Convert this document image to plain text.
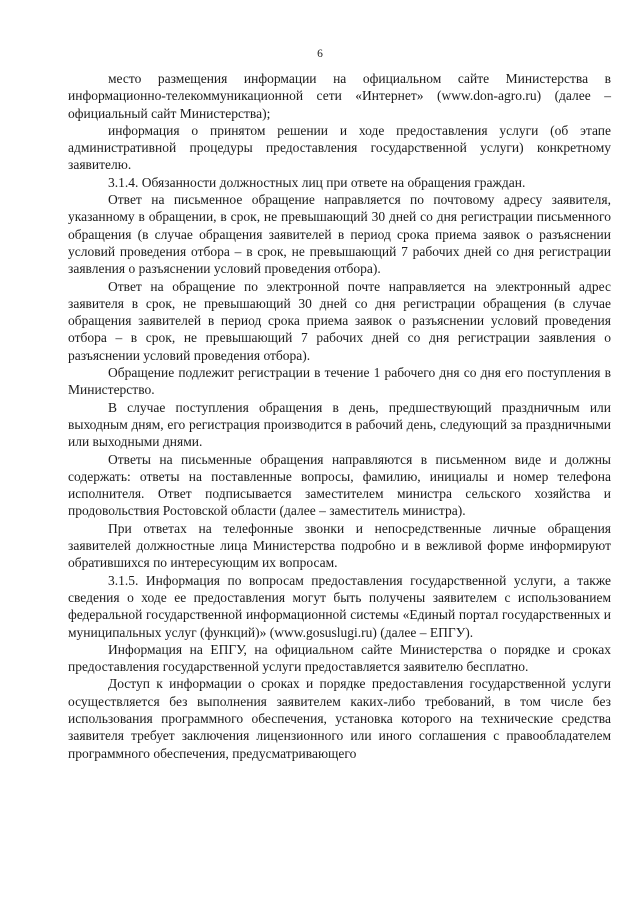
6

место размещения информации на официальном сайте Министерства в информационно-телекоммуникационной сети «Интернет» (www.don-agro.ru) (далее – официальный сайт Министерства);

информация о принятом решении и ходе предоставления услуги (об этапе административной процедуры предоставления государственной услуги) конкретному заявителю.

3.1.4. Обязанности должностных лиц при ответе на обращения граждан.

Ответ на письменное обращение направляется по почтовому адресу заявителя, указанному в обращении, в срок, не превышающий 30 дней со дня регистрации письменного обращения (в случае обращения заявителей в период срока приема заявок о разъяснении условий проведения отбора – в срок, не превышающий 7 рабочих дней со дня регистрации заявления о разъяснении условий проведения отбора).

Ответ на обращение по электронной почте направляется на электронный адрес заявителя в срок, не превышающий 30 дней со дня регистрации обращения (в случае обращения заявителей в период срока приема заявок о разъяснении условий проведения отбора – в срок, не превышающий 7 рабочих дней со дня регистрации заявления о разъяснении условий проведения отбора).

Обращение подлежит регистрации в течение 1 рабочего дня со дня его поступления в Министерство.

В случае поступления обращения в день, предшествующий праздничным или выходным дням, его регистрация производится в рабочий день, следующий за праздничными или выходными днями.

Ответы на письменные обращения направляются в письменном виде и должны содержать: ответы на поставленные вопросы, фамилию, инициалы и номер телефона исполнителя. Ответ подписывается заместителем министра сельского хозяйства и продовольствия Ростовской области (далее – заместитель министра).

При ответах на телефонные звонки и непосредственные личные обращения заявителей должностные лица Министерства подробно и в вежливой форме информируют обратившихся по интересующим их вопросам.

3.1.5. Информация по вопросам предоставления государственной услуги, а также сведения о ходе ее предоставления могут быть получены заявителем с использованием федеральной государственной информационной системы «Единый портал государственных и муниципальных услуг (функций)» (www.gosuslugi.ru) (далее – ЕПГУ).

Информация на ЕПГУ, на официальном сайте Министерства о порядке и сроках предоставления государственной услуги предоставляется заявителю бесплатно.

Доступ к информации о сроках и порядке предоставления государственной услуги осуществляется без выполнения заявителем каких-либо требований, в том числе без использования программного обеспечения, установка которого на технические средства заявителя требует заключения лицензионного или иного соглашения с правообладателем программного обеспечения, предусматривающего
